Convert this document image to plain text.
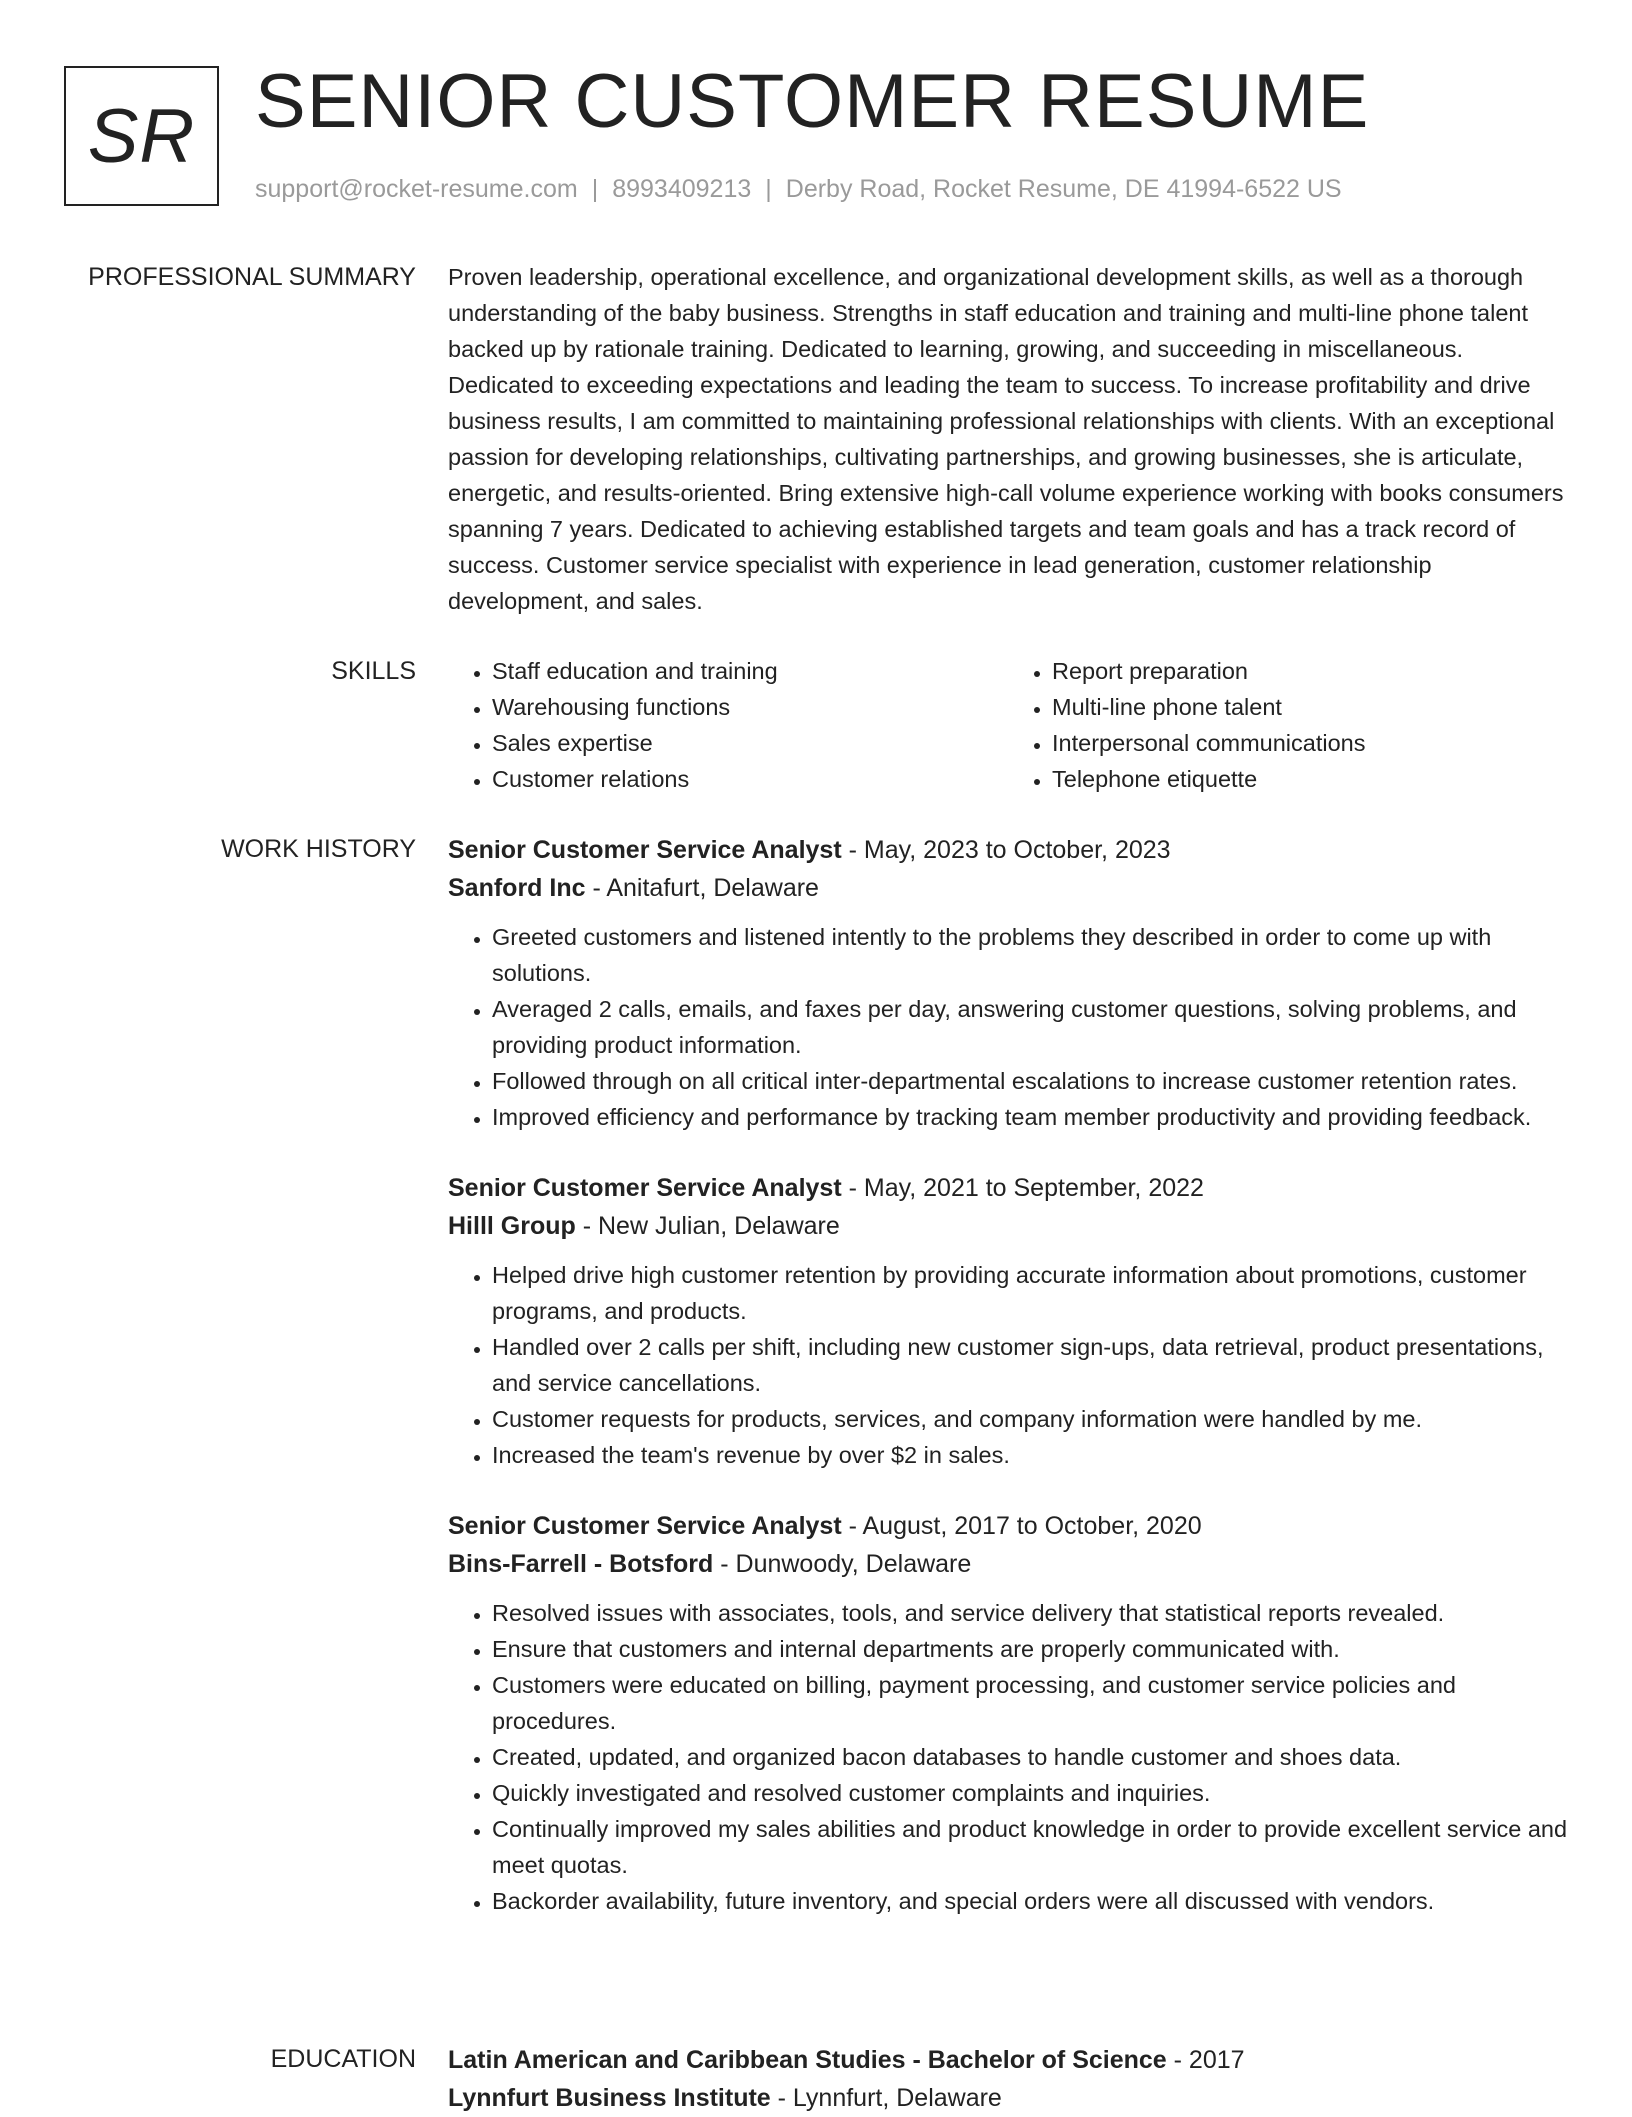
SR SENIOR CUSTOMER RESUME
support@rocket-resume.com | 8993409213 | Derby Road, Rocket Resume, DE 41994-6522 US
PROFESSIONAL SUMMARY Proven leadership, operational excellence, and organizational development skills, as well as a thorough understanding of the baby business. Strengths in staff education and training and multi-line phone talent backed up by rationale training. Dedicated to learning, growing, and succeeding in miscellaneous. Dedicated to exceeding expectations and leading the team to success. To increase profitability and drive business results, I am committed to maintaining professional relationships with clients. With an exceptional passion for developing relationships, cultivating partnerships, and growing businesses, she is articulate, energetic, and results-oriented. Bring extensive high-call volume experience working with books consumers spanning 7 years. Dedicated to achieving established targets and team goals and has a track record of success. Customer service specialist with experience in lead generation, customer relationship development, and sales.

SKILLS
•	Staff education and training
• Warehousing functions
• Sales expertise
• Customer relations
• Report preparation
• Multi-line phone talent
• Interpersonal communications
• Telephone etiquette
WORK HISTORY Senior Customer Service Analyst - May, 2023 to October, 2023
Sanford Inc - Anitafurt, Delaware
• Greeted customers and listened intently to the problems they described in order to come up with solutions.
• Averaged 2 calls, emails, and faxes per day, answering customer questions, solving problems, and providing product information.
• Followed through on all critical inter-departmental escalations to increase customer retention rates.
• Improved efficiency and performance by tracking team member productivity and providing feedback.
Senior Customer Service Analyst - May, 2021 to September, 2022
Hilll Group - New Julian, Delaware
• Helped drive high customer retention by providing accurate information about promotions, customer programs, and products.
• Handled over 2 calls per shift, including new customer sign-ups, data retrieval, product presentations, and service cancellations.
• Customer requests for products, services, and company information were handled by me.
• Increased the team's revenue by over $2 in sales.
Senior Customer Service Analyst - August, 2017 to October, 2020
Bins-Farrell - Botsford - Dunwoody, Delaware
• Resolved issues with associates, tools, and service delivery that statistical reports revealed.
• Ensure that customers and internal departments are properly communicated with.
• Customers were educated on billing, payment processing, and customer service policies and procedures.
• Created, updated, and organized bacon databases to handle customer and shoes data.
• Quickly investigated and resolved customer complaints and inquiries.
• Continually improved my sales abilities and product knowledge in order to provide excellent service and meet quotas.
• Backorder availability, future inventory, and special orders were all discussed with vendors.
EDUCATION Latin American and Caribbean Studies - Bachelor of Science - 2017
Lynnfurt Business Institute - Lynnfurt, Delaware
